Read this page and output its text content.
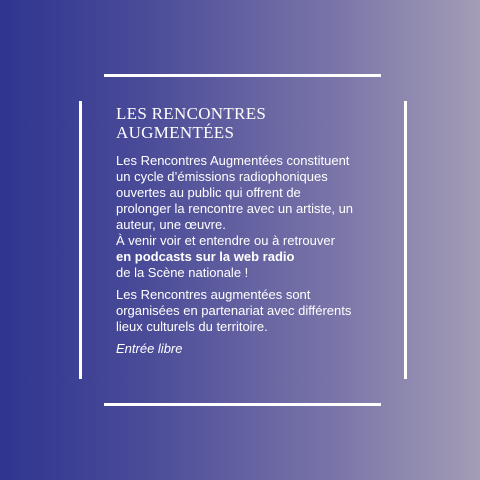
LES RENCONTRES
AUGMENTÉES

Les Rencontres Augmentées constituent
un cycle d’émissions radiophoniques
ouvertes au public qui offrent de
prolonger la rencontre avec un artiste, un
auteur, une œuvre.
À venir voir et entendre ou à retrouver
en podcasts sur la web radio
de la Scène nationale !

Les Rencontres augmentées sont
organisées en partenariat avec différents
lieux culturels du territoire.

Entrée libre
